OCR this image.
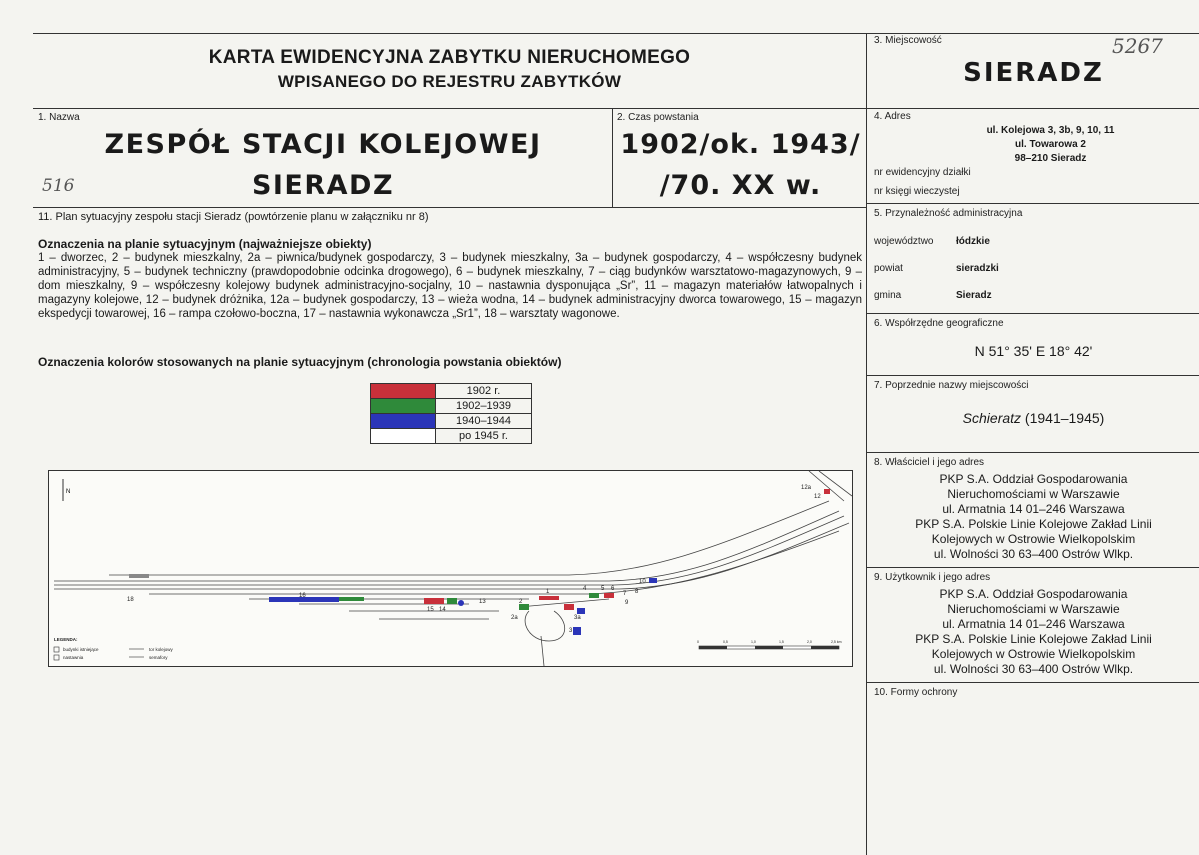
KARTA EWIDENCYJNA ZABYTKU NIERUCHOMEGO
WPISANEGO DO REJESTRU ZABYTKÓW
5267
516
3. Miejscowość
SIERADZ
1. Nazwa
ZESPÓŁ STACJI KOLEJOWEJ
SIERADZ
2. Czas powstania
1902/ok. 1943/
/70. XX w.
4. Adres
ul. Kolejowa 3, 3b, 9, 10, 11
ul. Towarowa 2
98–210 Sieradz
nr ewidencyjny działki
nr księgi wieczystej
5. Przynależność administracyjna
województwo łódzkie
powiat	sieradzki
gmina	Sieradz
6. Współrzędne geograficzne
N 51° 35' E 18° 42'
7. Poprzednie nazwy miejscowości
Schieratz (1941–1945)
8. Właściciel i jego adres
PKP S.A. Oddział Gospodarowania
Nieruchomościami w Warszawie
ul. Armatnia 14 01–246 Warszawa
PKP S.A. Polskie Linie Kolejowe Zakład Linii
Kolejowych w Ostrowie Wielkopolskim
ul. Wolności 30 63–400 Ostrów Wlkp.
9. Użytkownik i jego adres
PKP S.A. Oddział Gospodarowania
Nieruchomościami w Warszawie
ul. Armatnia 14 01–246 Warszawa
PKP S.A. Polskie Linie Kolejowe Zakład Linii
Kolejowych w Ostrowie Wielkopolskim
ul. Wolności 30 63–400 Ostrów Wlkp.
10. Formy ochrony
11. Plan sytuacyjny zespołu stacji Sieradz (powtórzenie planu w załączniku nr 8)
Oznaczenia na planie sytuacyjnym (najważniejsze obiekty)
1 – dworzec, 2 – budynek mieszkalny, 2a – piwnica/budynek gospodarczy, 3 – budynek mieszkalny, 3a – budynek gospodarczy, 4 – współczesny budynek administracyjny, 5 – budynek techniczny (prawdopodobnie odcinka drogowego), 6 – budynek mieszkalny, 7 – ciąg budynków warsztatowo-magazynowych, 9 – dom mieszkalny, 9 – współczesny kolejowy budynek administracyjno-socjalny, 10 – nastawnia dysponująca „Sr”, 11 – magazyn materiałów łatwopalnych i magazyny kolejowe, 12 – budynek dróżnika, 12a – budynek gospodarczy, 13 – wieża wodna, 14 – budynek administracyjny dworca towarowego, 15 – magazyn ekspedycji towarowej, 16 – rampa czołowo-boczna, 17 – nastawnia wykonawcza „Sr1”, 18 – warsztaty wagonowe.
Oznaczenia kolorów stosowanych na planie sytuacyjnym (chronologia powstania obiektów)
	1902 r.
	1902–1939
	1940–1944
	po 1945 r.
N
18
16
15 14
13	2
2a
1
3a
3
4 5 6
7 8
9
10
12a
12
LEGENDA:
budynki istniejące
nastawnia
tor kolejowy
semafory
0	0,5	1,0	1,5	2,0	2,5 km
